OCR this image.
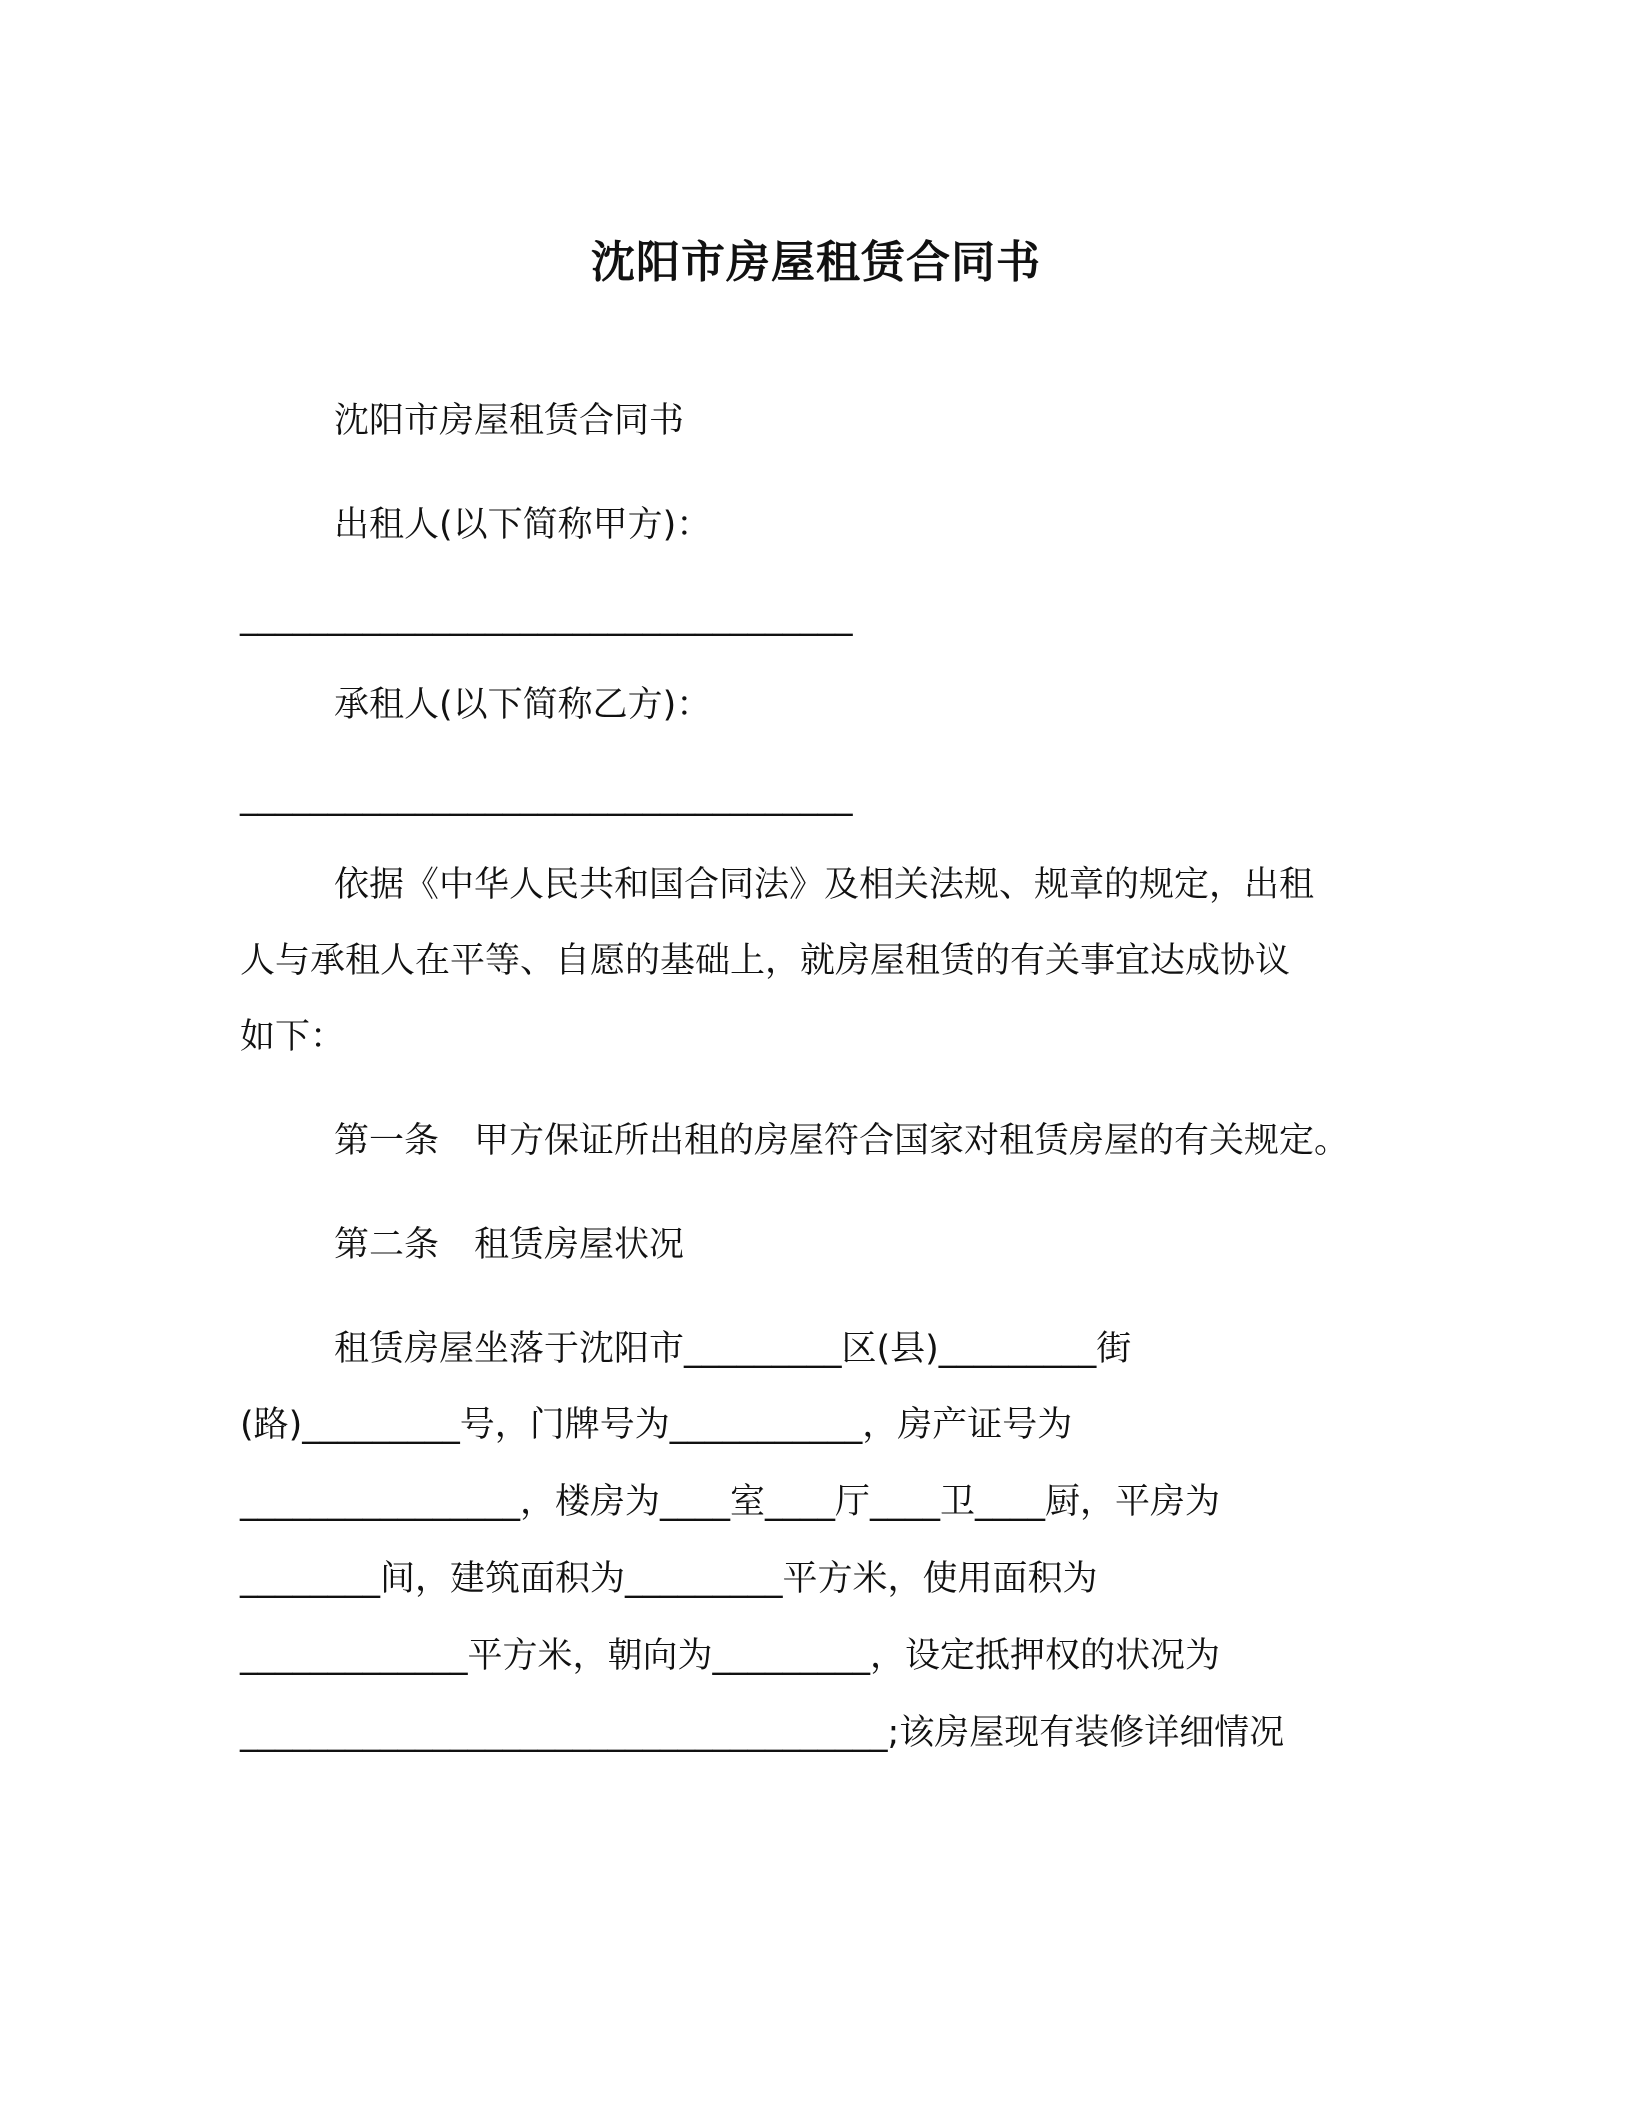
沈阳市房屋租赁合同书
沈阳市房屋租赁合同书
出租人(以下简称甲方)：
___________________________________
承租人(以下简称乙方)：
___________________________________
依据《中华人民共和国合同法》及相关法规、规章的规定，出租
人与承租人在平等、自愿的基础上，就房屋租赁的有关事宜达成协议
如下：
第一条　甲方保证所出租的房屋符合国家对租赁房屋的有关规定。
第二条　租赁房屋状况
租赁房屋坐落于沈阳市_________区(县)_________街
(路)_________号，门牌号为___________，房产证号为
________________，楼房为____室____厅____卫____厨，平房为
________间，建筑面积为_________平方米，使用面积为
_____________平方米，朝向为_________，设定抵押权的状况为
_____________________________________;该房屋现有装修详细情况
